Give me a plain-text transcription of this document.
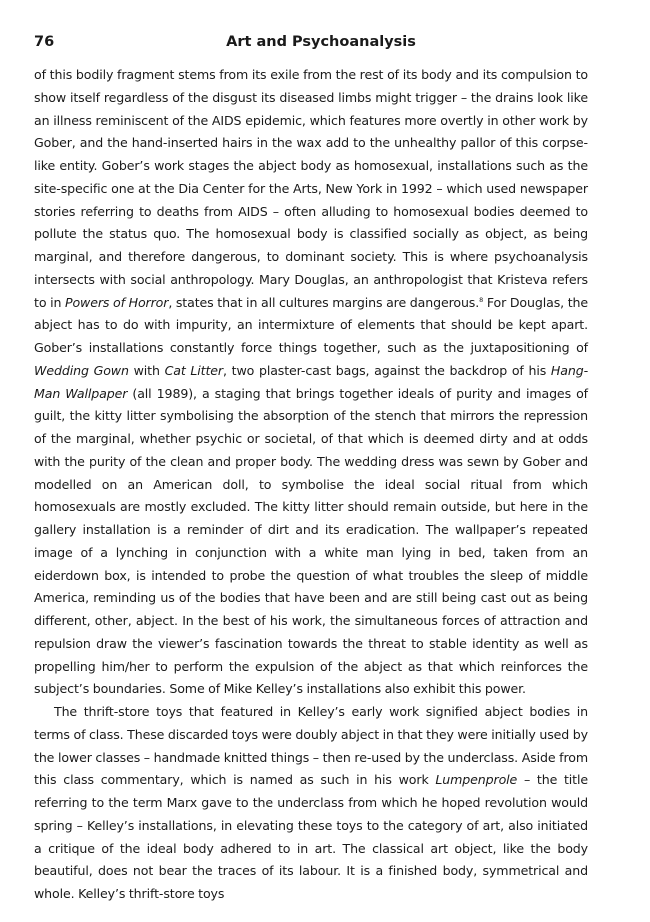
76	Art and Psychoanalysis

of this bodily fragment stems from its exile from the rest of its body and its compulsion to show itself regardless of the disgust its diseased limbs might trigger – the drains look like an illness reminiscent of the AIDS epidemic, which features more overtly in other work by Gober, and the hand-inserted hairs in the wax add to the unhealthy pallor of this corpse-like entity. Gober’s work stages the abject body as homosexual, installations such as the site-specific one at the Dia Center for the Arts, New York in 1992 – which used newspaper stories referring to deaths from AIDS – often alluding to homosexual bodies deemed to pollute the status quo. The homosexual body is classified socially as object, as being marginal, and therefore dangerous, to dominant society. This is where psychoanalysis intersects with social anthropology. Mary Douglas, an anthropologist that Kristeva refers to in Powers of Horror, states that in all cultures margins are dangerous.$^8$ For Douglas, the abject has to do with impurity, an intermixture of elements that should be kept apart. Gober’s installations constantly force things together, such as the juxtapositioning of Wedding Gown with Cat Litter, two plaster-cast bags, against the backdrop of his Hang-Man Wallpaper (all 1989), a staging that brings together ideals of purity and images of guilt, the kitty litter symbolising the absorption of the stench that mirrors the repression of the marginal, whether psychic or societal, of that which is deemed dirty and at odds with the purity of the clean and proper body. The wedding dress was sewn by Gober and modelled on an American doll, to symbolise the ideal social ritual from which homosexuals are mostly excluded. The kitty litter should remain outside, but here in the gallery installation is a reminder of dirt and its eradication. The wallpaper’s repeated image of a lynching in conjunction with a white man lying in bed, taken from an eiderdown box, is intended to probe the question of what troubles the sleep of middle America, reminding us of the bodies that have been and are still being cast out as being different, other, abject. In the best of his work, the simultaneous forces of attraction and repulsion draw the viewer’s fascination towards the threat to stable identity as well as propelling him/her to perform the expulsion of the abject as that which reinforces the subject’s boundaries. Some of Mike Kelley’s installations also exhibit this power.

The thrift-store toys that featured in Kelley’s early work signified abject bodies in terms of class. These discarded toys were doubly abject in that they were initially used by the lower classes – handmade knitted things – then re-used by the underclass. Aside from this class commentary, which is named as such in his work Lumpenprole – the title referring to the term Marx gave to the underclass from which he hoped revolution would spring – Kelley’s installations, in elevating these toys to the category of art, also initiated a critique of the ideal body adhered to in art. The classical art object, like the body beautiful, does not bear the traces of its labour. It is a finished body, symmetrical and whole. Kelley’s thrift-store toys
